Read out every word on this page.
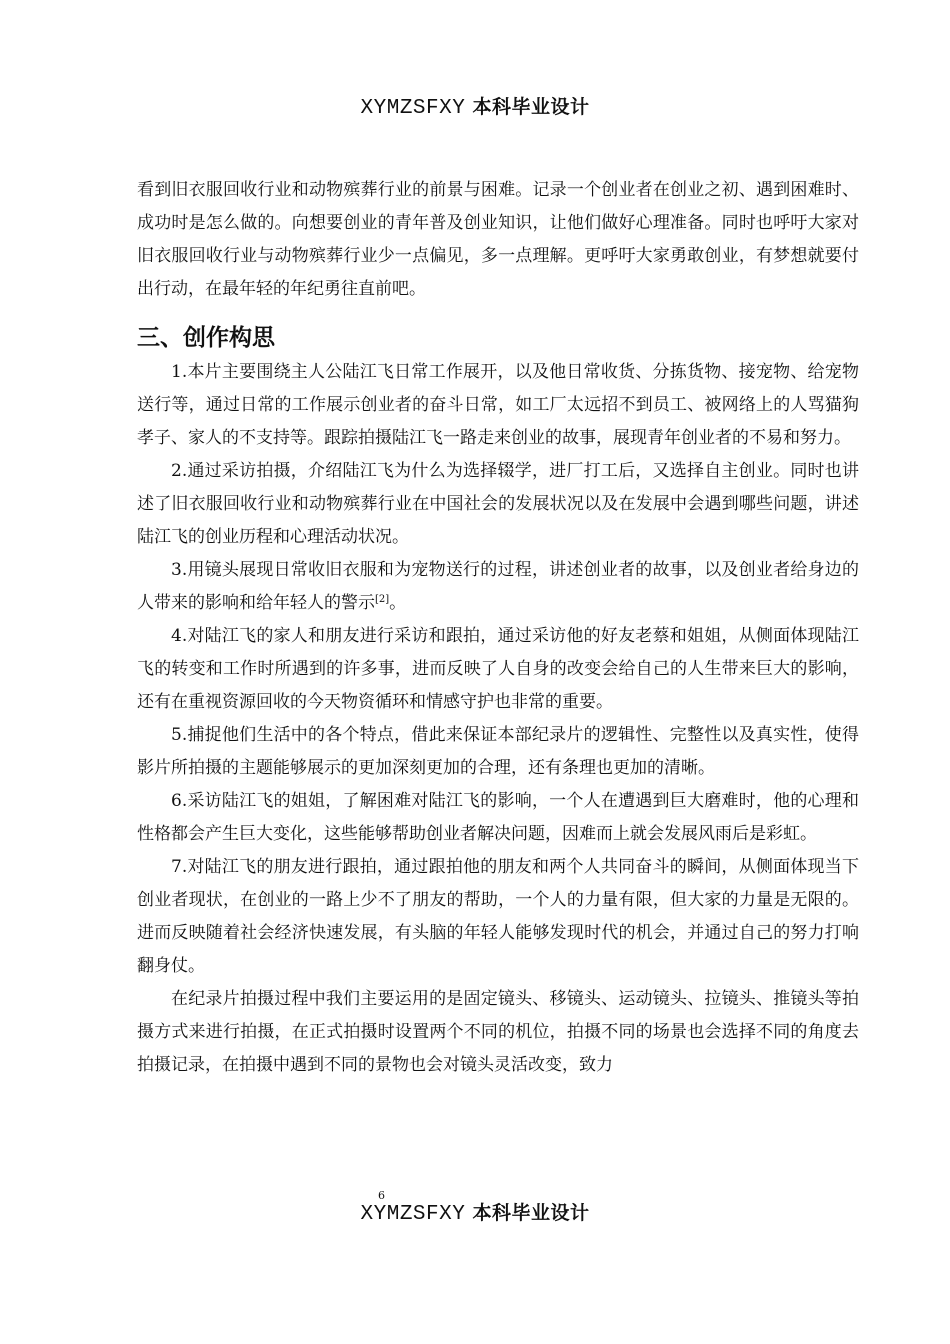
XYMZSFXY 本科毕业设计

看到旧衣服回收行业和动物殡葬行业的前景与困难。记录一个创业者在创业之初、遇到困难时、成功时是怎么做的。向想要创业的青年普及创业知识，让他们做好心理准备。同时也呼吁大家对旧衣服回收行业与动物殡葬行业少一点偏见，多一点理解。更呼吁大家勇敢创业，有梦想就要付出行动，在最年轻的年纪勇往直前吧。

三、创作构思

1.本片主要围绕主人公陆江飞日常工作展开，以及他日常收货、分拣货物、接宠物、给宠物送行等，通过日常的工作展示创业者的奋斗日常，如工厂太远招不到员工、被网络上的人骂猫狗孝子、家人的不支持等。跟踪拍摄陆江飞一路走来创业的故事，展现青年创业者的不易和努力。

2.通过采访拍摄，介绍陆江飞为什么为选择辍学，进厂打工后，又选择自主创业。同时也讲述了旧衣服回收行业和动物殡葬行业在中国社会的发展状况以及在发展中会遇到哪些问题，讲述陆江飞的创业历程和心理活动状况。

3.用镜头展现日常收旧衣服和为宠物送行的过程，讲述创业者的故事，以及创业者给身边的人带来的影响和给年轻人的警示[2]。

4.对陆江飞的家人和朋友进行采访和跟拍，通过采访他的好友老蔡和姐姐，从侧面体现陆江飞的转变和工作时所遇到的许多事，进而反映了人自身的改变会给自己的人生带来巨大的影响，还有在重视资源回收的今天物资循环和情感守护也非常的重要。

5.捕捉他们生活中的各个特点，借此来保证本部纪录片的逻辑性、完整性以及真实性，使得影片所拍摄的主题能够展示的更加深刻更加的合理，还有条理也更加的清晰。

6.采访陆江飞的姐姐，了解困难对陆江飞的影响，一个人在遭遇到巨大磨难时，他的心理和性格都会产生巨大变化，这些能够帮助创业者解决问题，因难而上就会发展风雨后是彩虹。

7.对陆江飞的朋友进行跟拍，通过跟拍他的朋友和两个人共同奋斗的瞬间，从侧面体现当下创业者现状，在创业的一路上少不了朋友的帮助，一个人的力量有限，但大家的力量是无限的。进而反映随着社会经济快速发展，有头脑的年轻人能够发现时代的机会，并通过自己的努力打响翻身仗。

在纪录片拍摄过程中我们主要运用的是固定镜头、移镜头、运动镜头、拉镜头、推镜头等拍摄方式来进行拍摄，在正式拍摄时设置两个不同的机位，拍摄不同的场景也会选择不同的角度去拍摄记录，在拍摄中遇到不同的景物也会对镜头灵活改变，致力

6
XYMZSFXY 本科毕业设计
